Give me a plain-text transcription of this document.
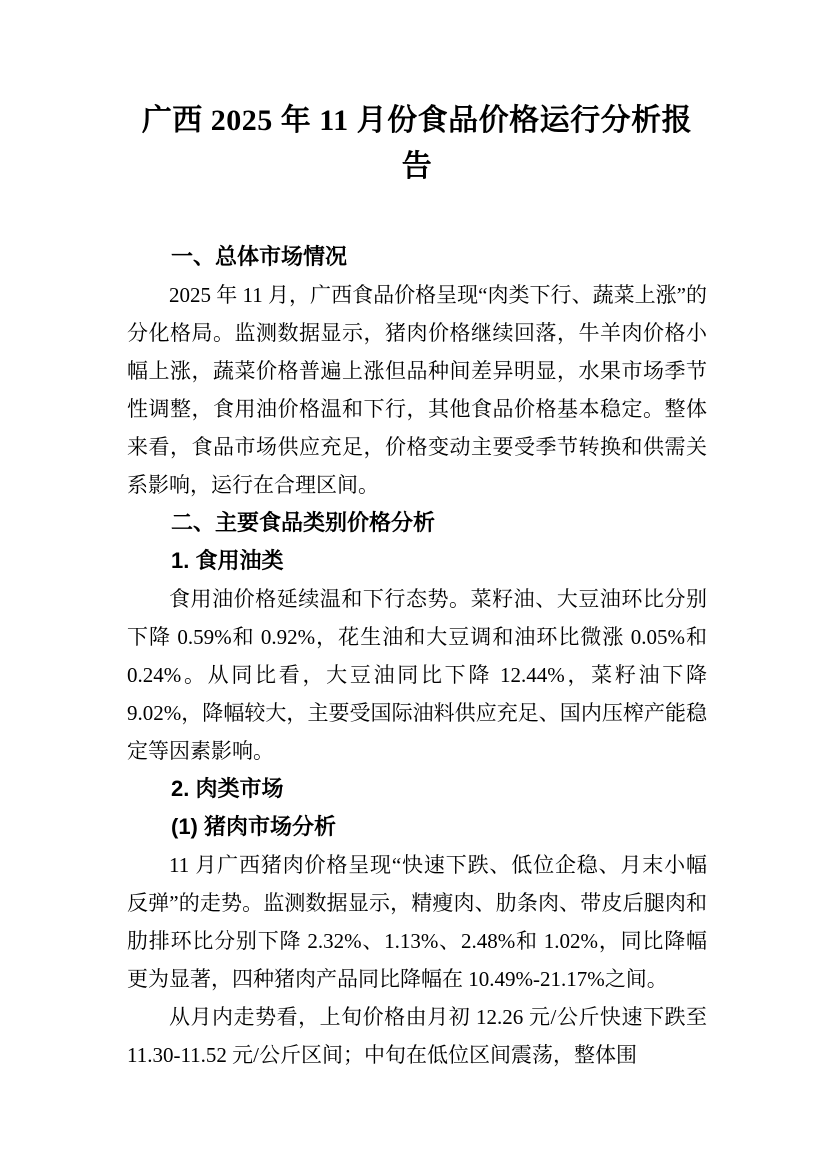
广西 2025 年 11 月份食品价格运行分析报告
一、总体市场情况
2025 年 11 月，广西食品价格呈现“肉类下行、蔬菜上涨”的分化格局。监测数据显示，猪肉价格继续回落，牛羊肉价格小幅上涨，蔬菜价格普遍上涨但品种间差异明显，水果市场季节性调整，食用油价格温和下行，其他食品价格基本稳定。整体来看，食品市场供应充足，价格变动主要受季节转换和供需关系影响，运行在合理区间。
二、主要食品类别价格分析
1. 食用油类
食用油价格延续温和下行态势。菜籽油、大豆油环比分别下降 0.59%和 0.92%，花生油和大豆调和油环比微涨 0.05%和 0.24%。从同比看，大豆油同比下降 12.44%，菜籽油下降 9.02%，降幅较大，主要受国际油料供应充足、国内压榨产能稳定等因素影响。
2. 肉类市场
(1) 猪肉市场分析
11 月广西猪肉价格呈现“快速下跌、低位企稳、月末小幅反弹”的走势。监测数据显示，精瘦肉、肋条肉、带皮后腿肉和肋排环比分别下降 2.32%、1.13%、2.48%和 1.02%，同比降幅更为显著，四种猪肉产品同比降幅在 10.49%-21.17%之间。
从月内走势看，上旬价格由月初 12.26 元/公斤快速下跌至 11.30-11.52 元/公斤区间；中旬在低位区间震荡，整体围
